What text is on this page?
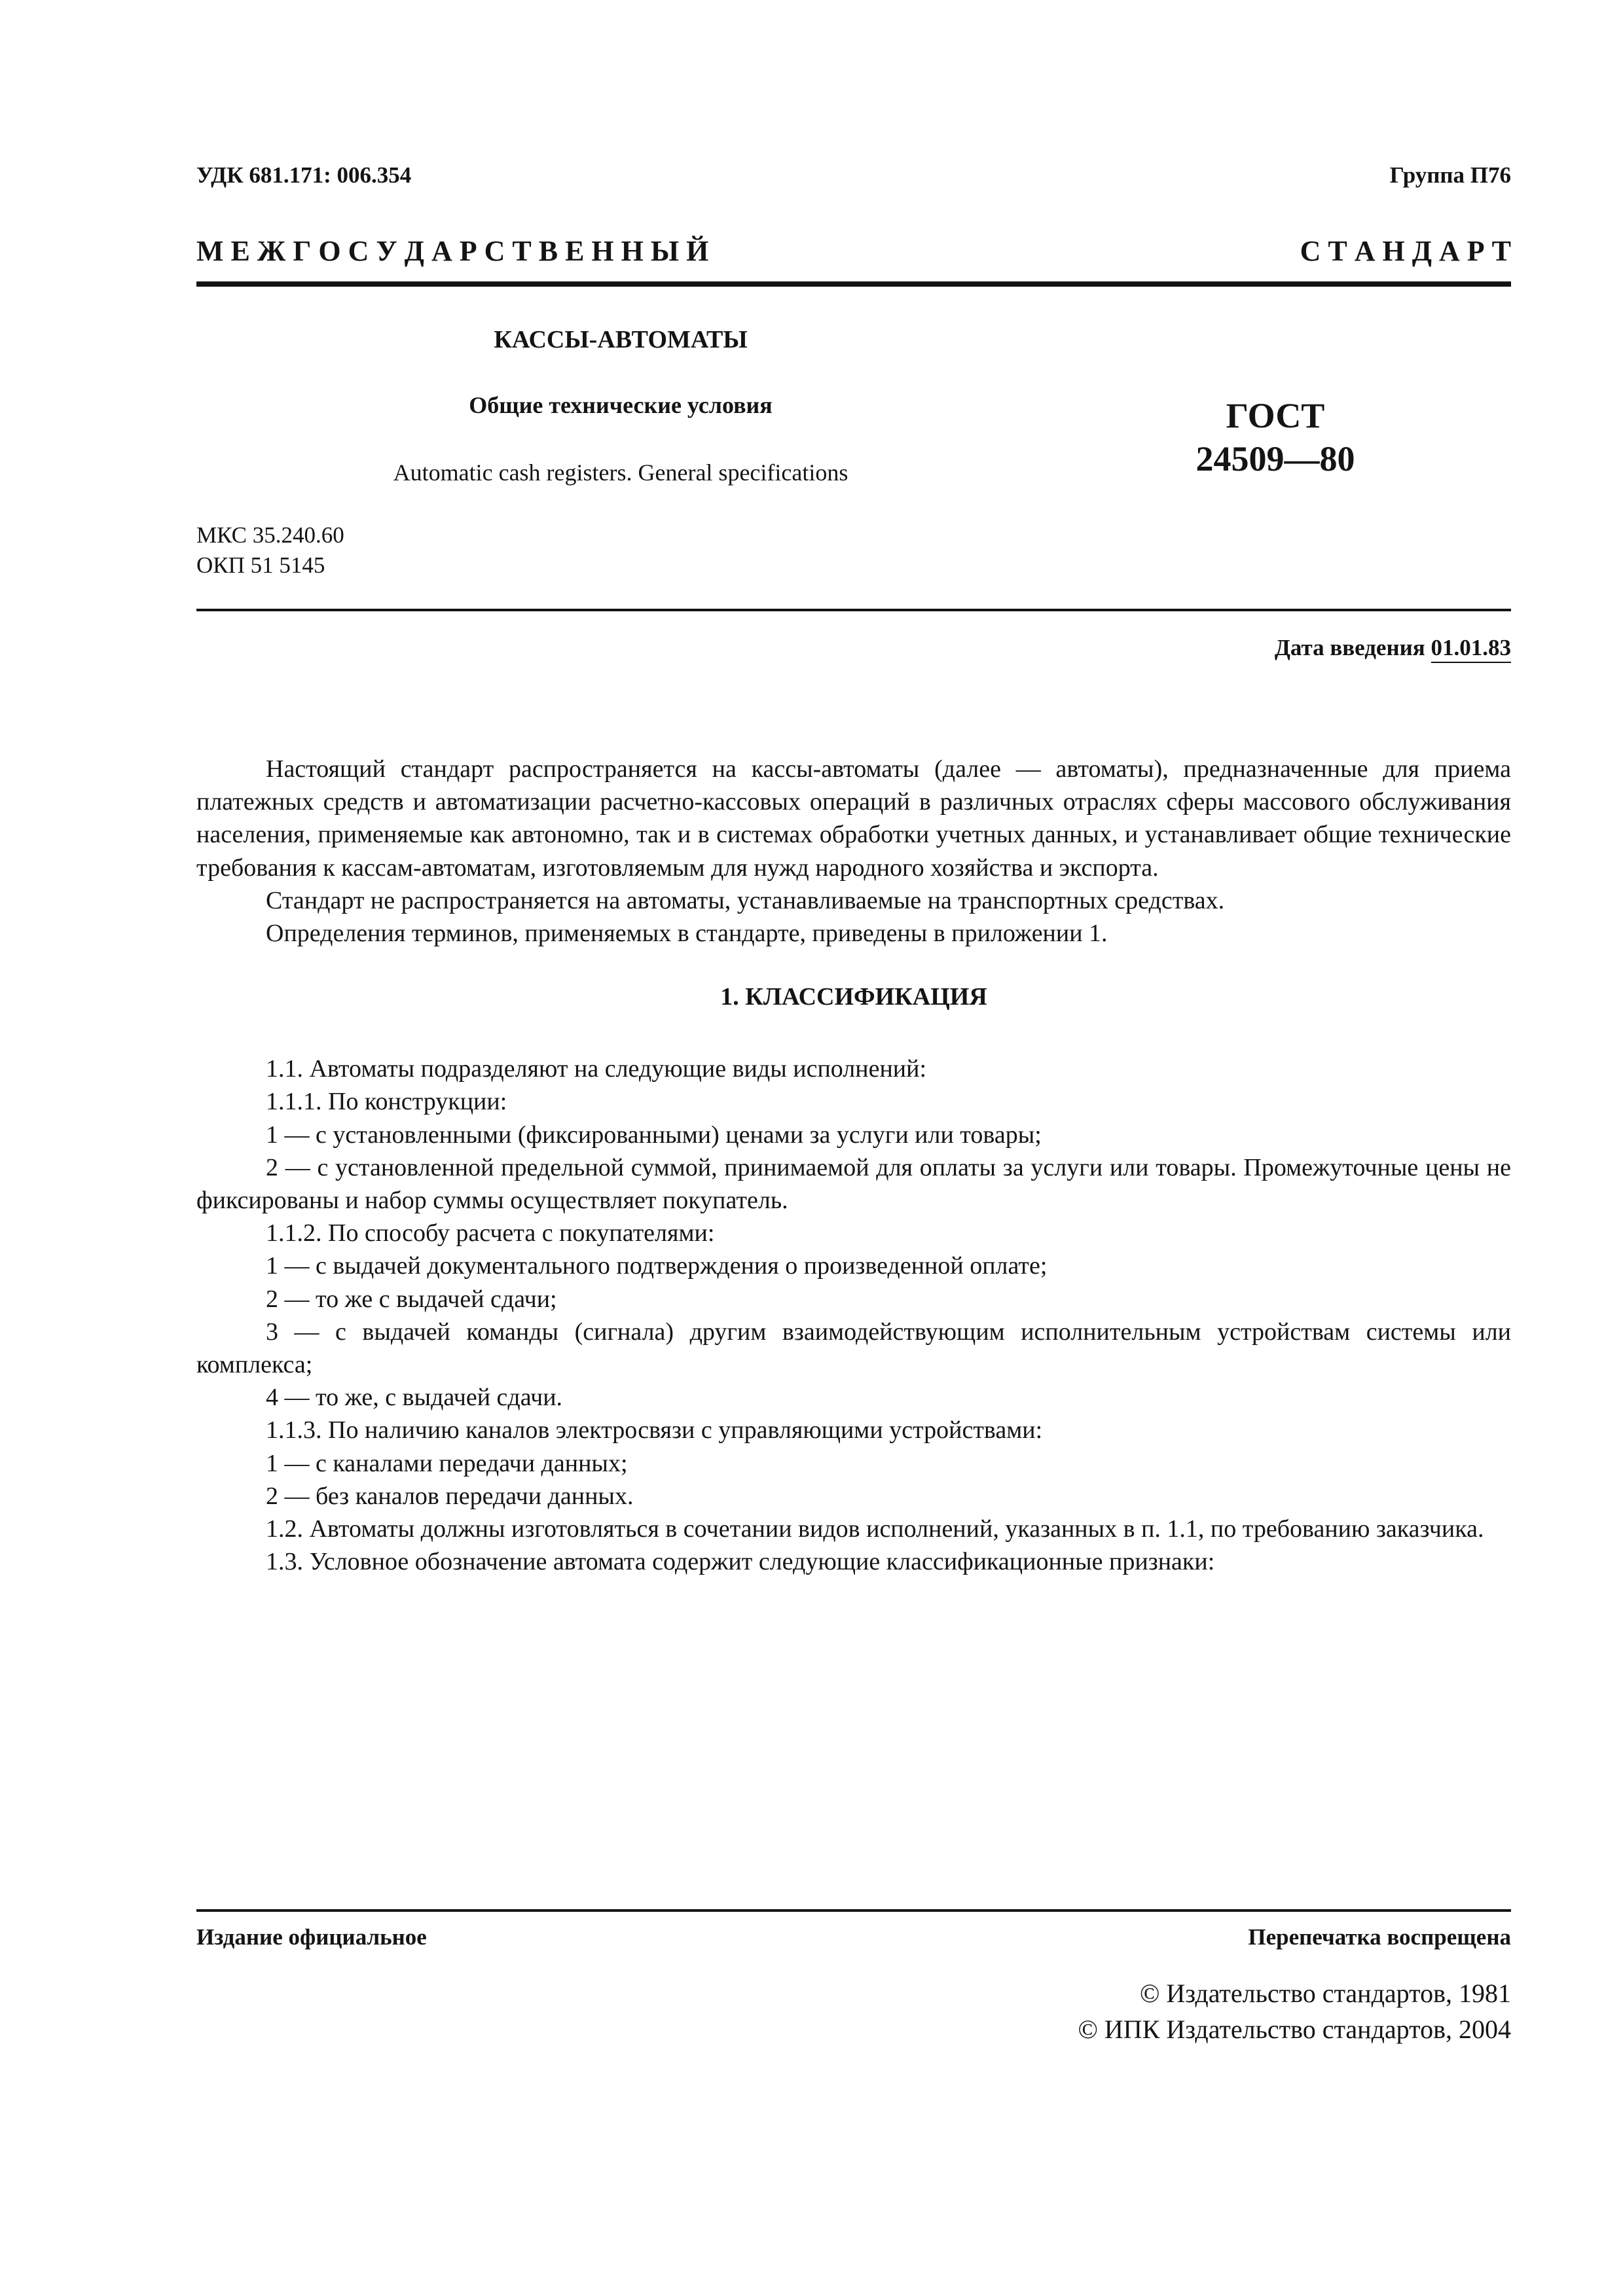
УДК 681.171: 006.354	Группа П76
М Е Ж Г О С У Д А Р С Т В Е Н Н Ы Й	С Т А Н Д А Р Т
КАССЫ-АВТОМАТЫ
Общие технические условия
Automatic cash registers. General specifications
ГОСТ
24509—80
МКС 35.240.60
ОКП 51 5145
Дата введения 01.01.83

Настоящий стандарт распространяется на кассы-автоматы (далее — автоматы), предназначенные для приема платежных средств и автоматизации расчетно-кассовых операций в различных отраслях сферы массового обслуживания населения, применяемые как автономно, так и в системах обработки учетных данных, и устанавливает общие технические требования к кассам-автоматам, изготовляемым для нужд народного хозяйства и экспорта.

Стандарт не распространяется на автоматы, устанавливаемые на транспортных средствах.

Определения терминов, применяемых в стандарте, приведены в приложении 1.

1. КЛАССИФИКАЦИЯ

1.1. Автоматы подразделяют на следующие виды исполнений:

1.1.1. По конструкции:

1 — с установленными (фиксированными) ценами за услуги или товары;

2 — с установленной предельной суммой, принимаемой для оплаты за услуги или товары. Промежуточные цены не фиксированы и набор суммы осуществляет покупатель.

1.1.2. По способу расчета с покупателями:

1 — с выдачей документального подтверждения о произведенной оплате;

2 — то же с выдачей сдачи;

3 — с выдачей команды (сигнала) другим взаимодействующим исполнительным устройствам системы или комплекса;

4 — то же, с выдачей сдачи.

1.1.3. По наличию каналов электросвязи с управляющими устройствами:

1 — с каналами передачи данных;

2 — без каналов передачи данных.

1.2. Автоматы должны изготовляться в сочетании видов исполнений, указанных в п. 1.1, по требованию заказчика.

1.3. Условное обозначение автомата содержит следующие классификационные признаки:

Издание официальное	Перепечатка воспрещена
© Издательство стандартов, 1981
© ИПК Издательство стандартов, 2004
